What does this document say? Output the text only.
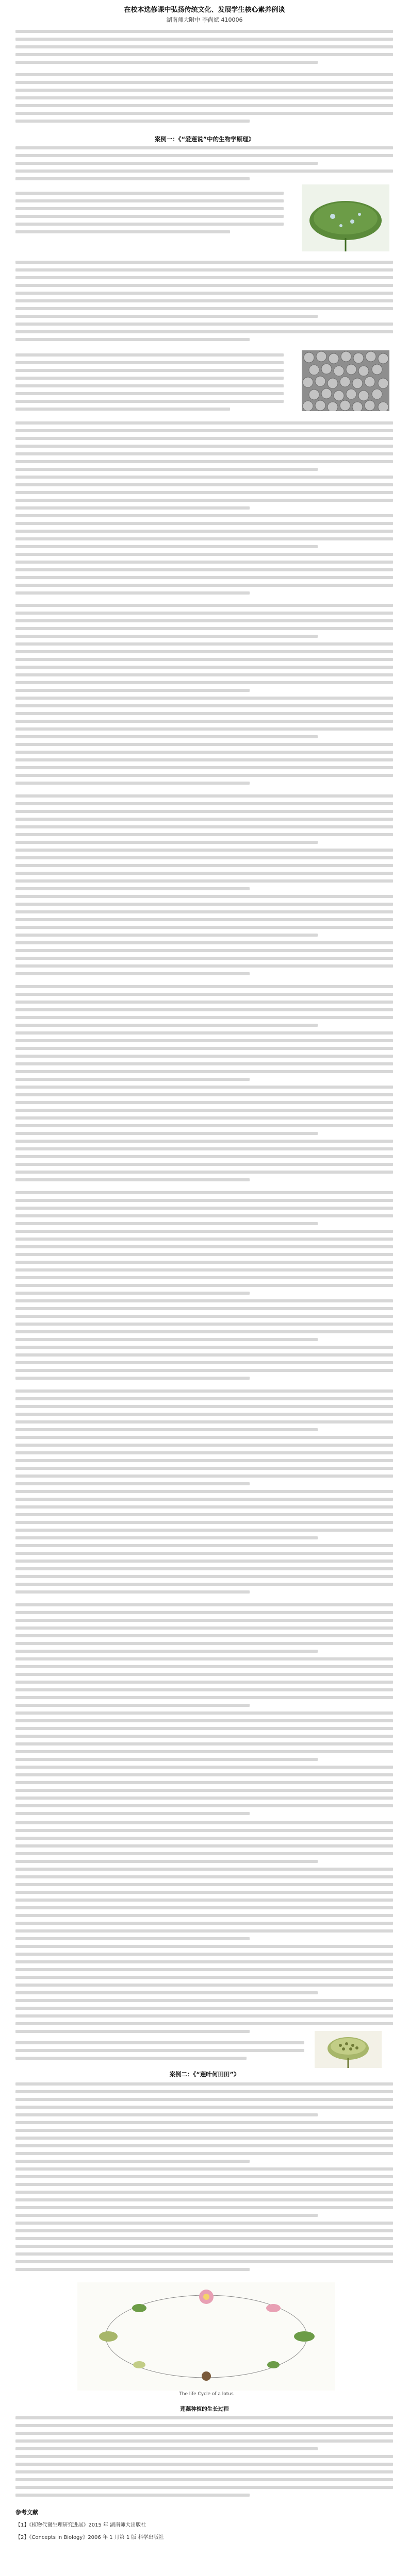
在校本选修课中弘扬传统文化、发展学生核心素养例谈
湖南师大附中 李尚斌 410006
案例一：《“爱莲说”中的生物学原理》
案例二：《“莲叶何田田”》
The life Cycle of a lotus
莲藕种植的生长过程
参考文献
【1】《植物代谢生理研究进展》2015 年 湖南师大出版社
【2】《Concepts in Biology》2006 年 1 月第 1 版 科学出版社
